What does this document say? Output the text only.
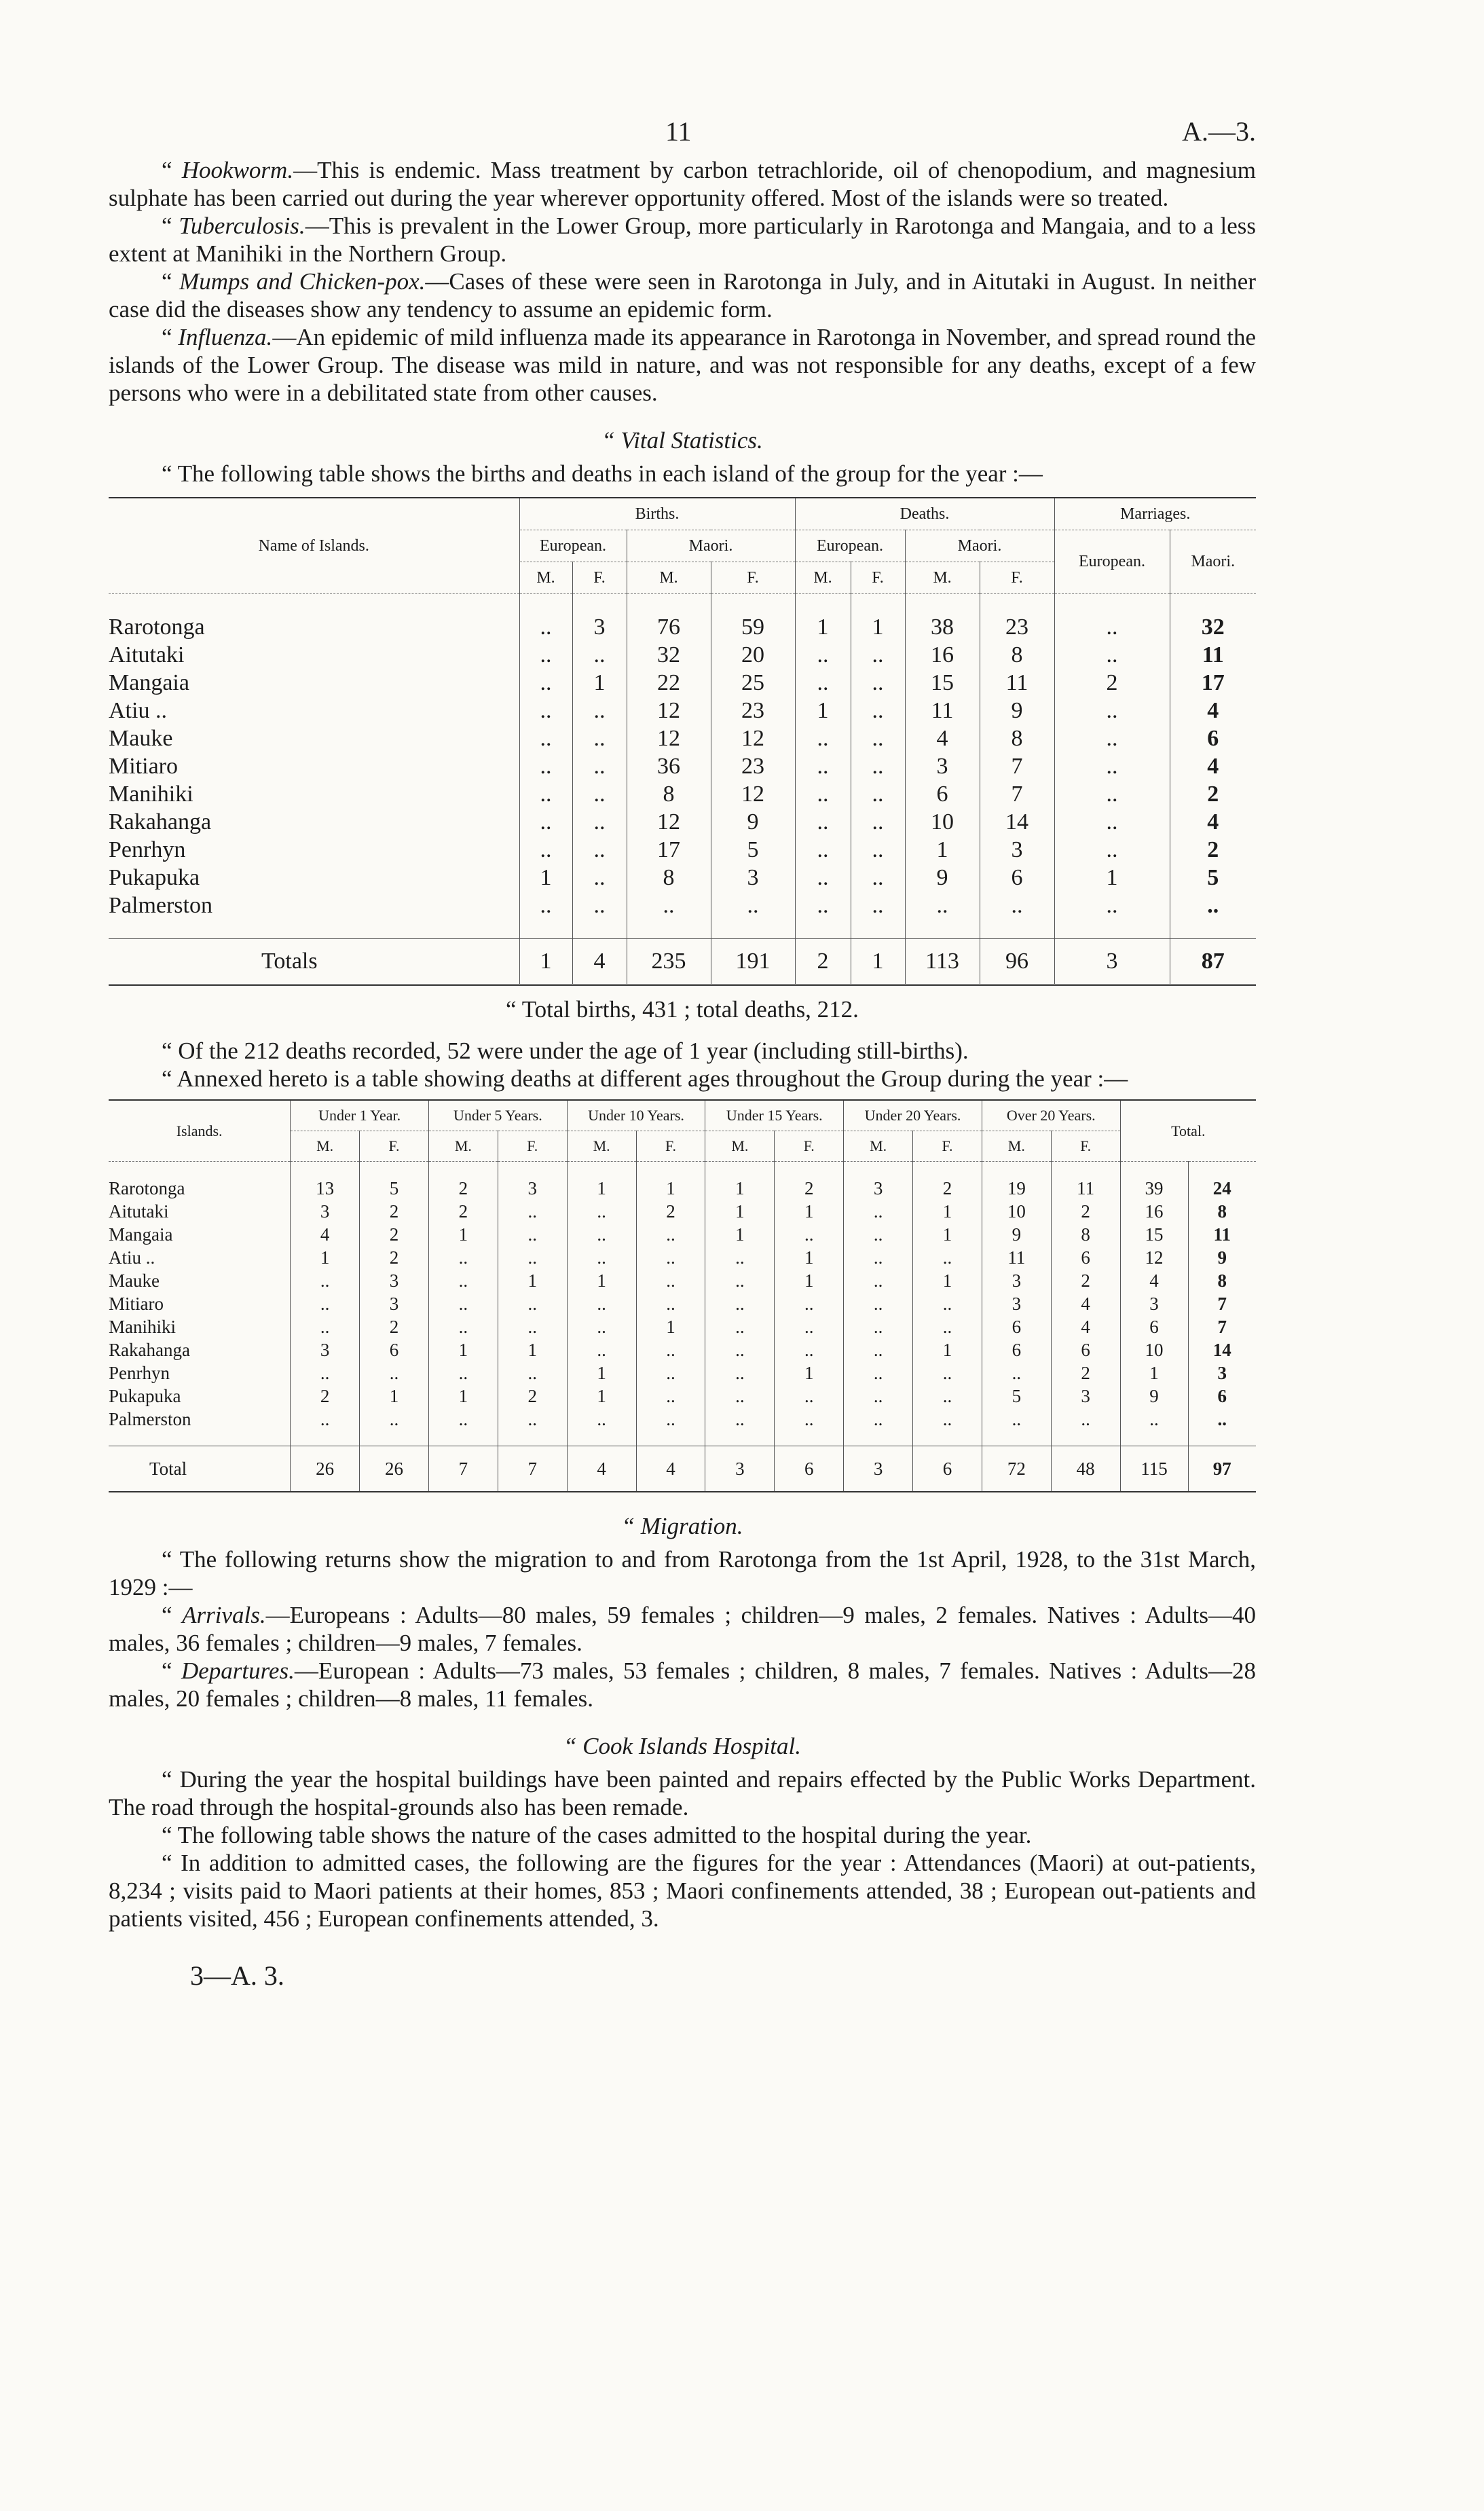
11	A.—3.

“ Hookworm.—This is endemic. Mass treatment by carbon tetrachloride, oil of chenopodium, and magnesium sulphate has been carried out during the year wherever opportunity offered. Most of the islands were so treated.

“ Tuberculosis.—This is prevalent in the Lower Group, more particularly in Rarotonga and Mangaia, and to a less extent at Manihiki in the Northern Group.

“ Mumps and Chicken-pox.—Cases of these were seen in Rarotonga in July, and in Aitutaki in August. In neither case did the diseases show any tendency to assume an epidemic form.

“ Influenza.—An epidemic of mild influenza made its appearance in Rarotonga in November, and spread round the islands of the Lower Group. The disease was mild in nature, and was not responsible for any deaths, except of a few persons who were in a debilitated state from other causes.

“ Vital Statistics.

“ The following table shows the births and deaths in each island of the group for the year :—

Name of Islands.	Births.				Deaths.				Marriages.	
	European.		Maori.		European.		Maori.		European.	Maori.
	M.	F.	M.	F.	M.	F.	M.	F.		

Rarotonga	..	3	76	59	1	1	38	23	..	32
Aitutaki	..	..	32	20	..	..	16	8	..	11
Mangaia	..	1	22	25	..	..	15	11	2	17
Atiu ..	..	..	12	23	1	..	11	9	..	4
Mauke	..	..	12	12	..	..	4	8	..	6
Mitiaro	..	..	36	23	..	..	3	7	..	4
Manihiki	..	..	8	12	..	..	6	7	..	2
Rakahanga	..	..	12	9	..	..	10	14	..	4
Penrhyn	..	..	17	5	..	..	1	3	..	2
Pukapuka	1	..	8	3	..	..	9	6	1	5
Palmerston	..	..	..	..	..	..	..	..	..	..

Totals	1	4	235	191	2	1	113	96	3	87

“ Total births, 431 ; total deaths, 212.

“ Of the 212 deaths recorded, 52 were under the age of 1 year (including still-births).

“ Annexed hereto is a table showing deaths at different ages throughout the Group during the year :—

Islands.	Under 1 Year.		Under 5 Years.		Under 10 Years.		Under 15 Years.		Under 20 Years.		Over 20 Years.		Total.	
	M.	F.	M.	F.	M.	F.	M.	F.	M.	F.	M.	F.		

Rarotonga	13	5	2	3	1	1	1	2	3	2	19	11	39	24
Aitutaki	3	2	2	..	..	2	1	1	..	1	10	2	16	8
Mangaia	4	2	1	..	..	..	1	..	..	1	9	8	15	11
Atiu ..	1	2	..	..	..	..	..	1	..	..	11	6	12	9
Mauke	..	3	..	1	1	..	..	1	..	1	3	2	4	8
Mitiaro	..	3	..	..	..	..	..	..	..	..	3	4	3	7
Manihiki	..	2	..	..	..	1	..	..	..	..	6	4	6	7
Rakahanga	3	6	1	1	..	..	..	..	..	1	6	6	10	14
Penrhyn	..	..	..	..	1	..	..	1	..	..	..	2	1	3
Pukapuka	2	1	1	2	1	..	..	..	..	..	5	3	9	6
Palmerston	..	..	..	..	..	..	..	..	..	..	..	..	..	..

Total	26	26	7	7	4	4	3	6	3	6	72	48	115	97
“ Migration.

“ The following returns show the migration to and from Rarotonga from the 1st April, 1928, to the 31st March, 1929 :—

“ Arrivals.—Europeans : Adults—80 males, 59 females ; children—9 males, 2 females. Natives : Adults—40 males, 36 females ; children—9 males, 7 females.

“ Departures.—European : Adults—73 males, 53 females ; children, 8 males, 7 females. Natives : Adults—28 males, 20 females ; children—8 males, 11 females.

“ Cook Islands Hospital.

“ During the year the hospital buildings have been painted and repairs effected by the Public Works Department. The road through the hospital-grounds also has been remade.

“ The following table shows the nature of the cases admitted to the hospital during the year.

“ In addition to admitted cases, the following are the figures for the year : Attendances (Maori) at out-patients, 8,234 ; visits paid to Maori patients at their homes, 853 ; Maori confinements attended, 38 ; European out-patients and patients visited, 456 ; European confinements attended, 3.

3—A. 3.
